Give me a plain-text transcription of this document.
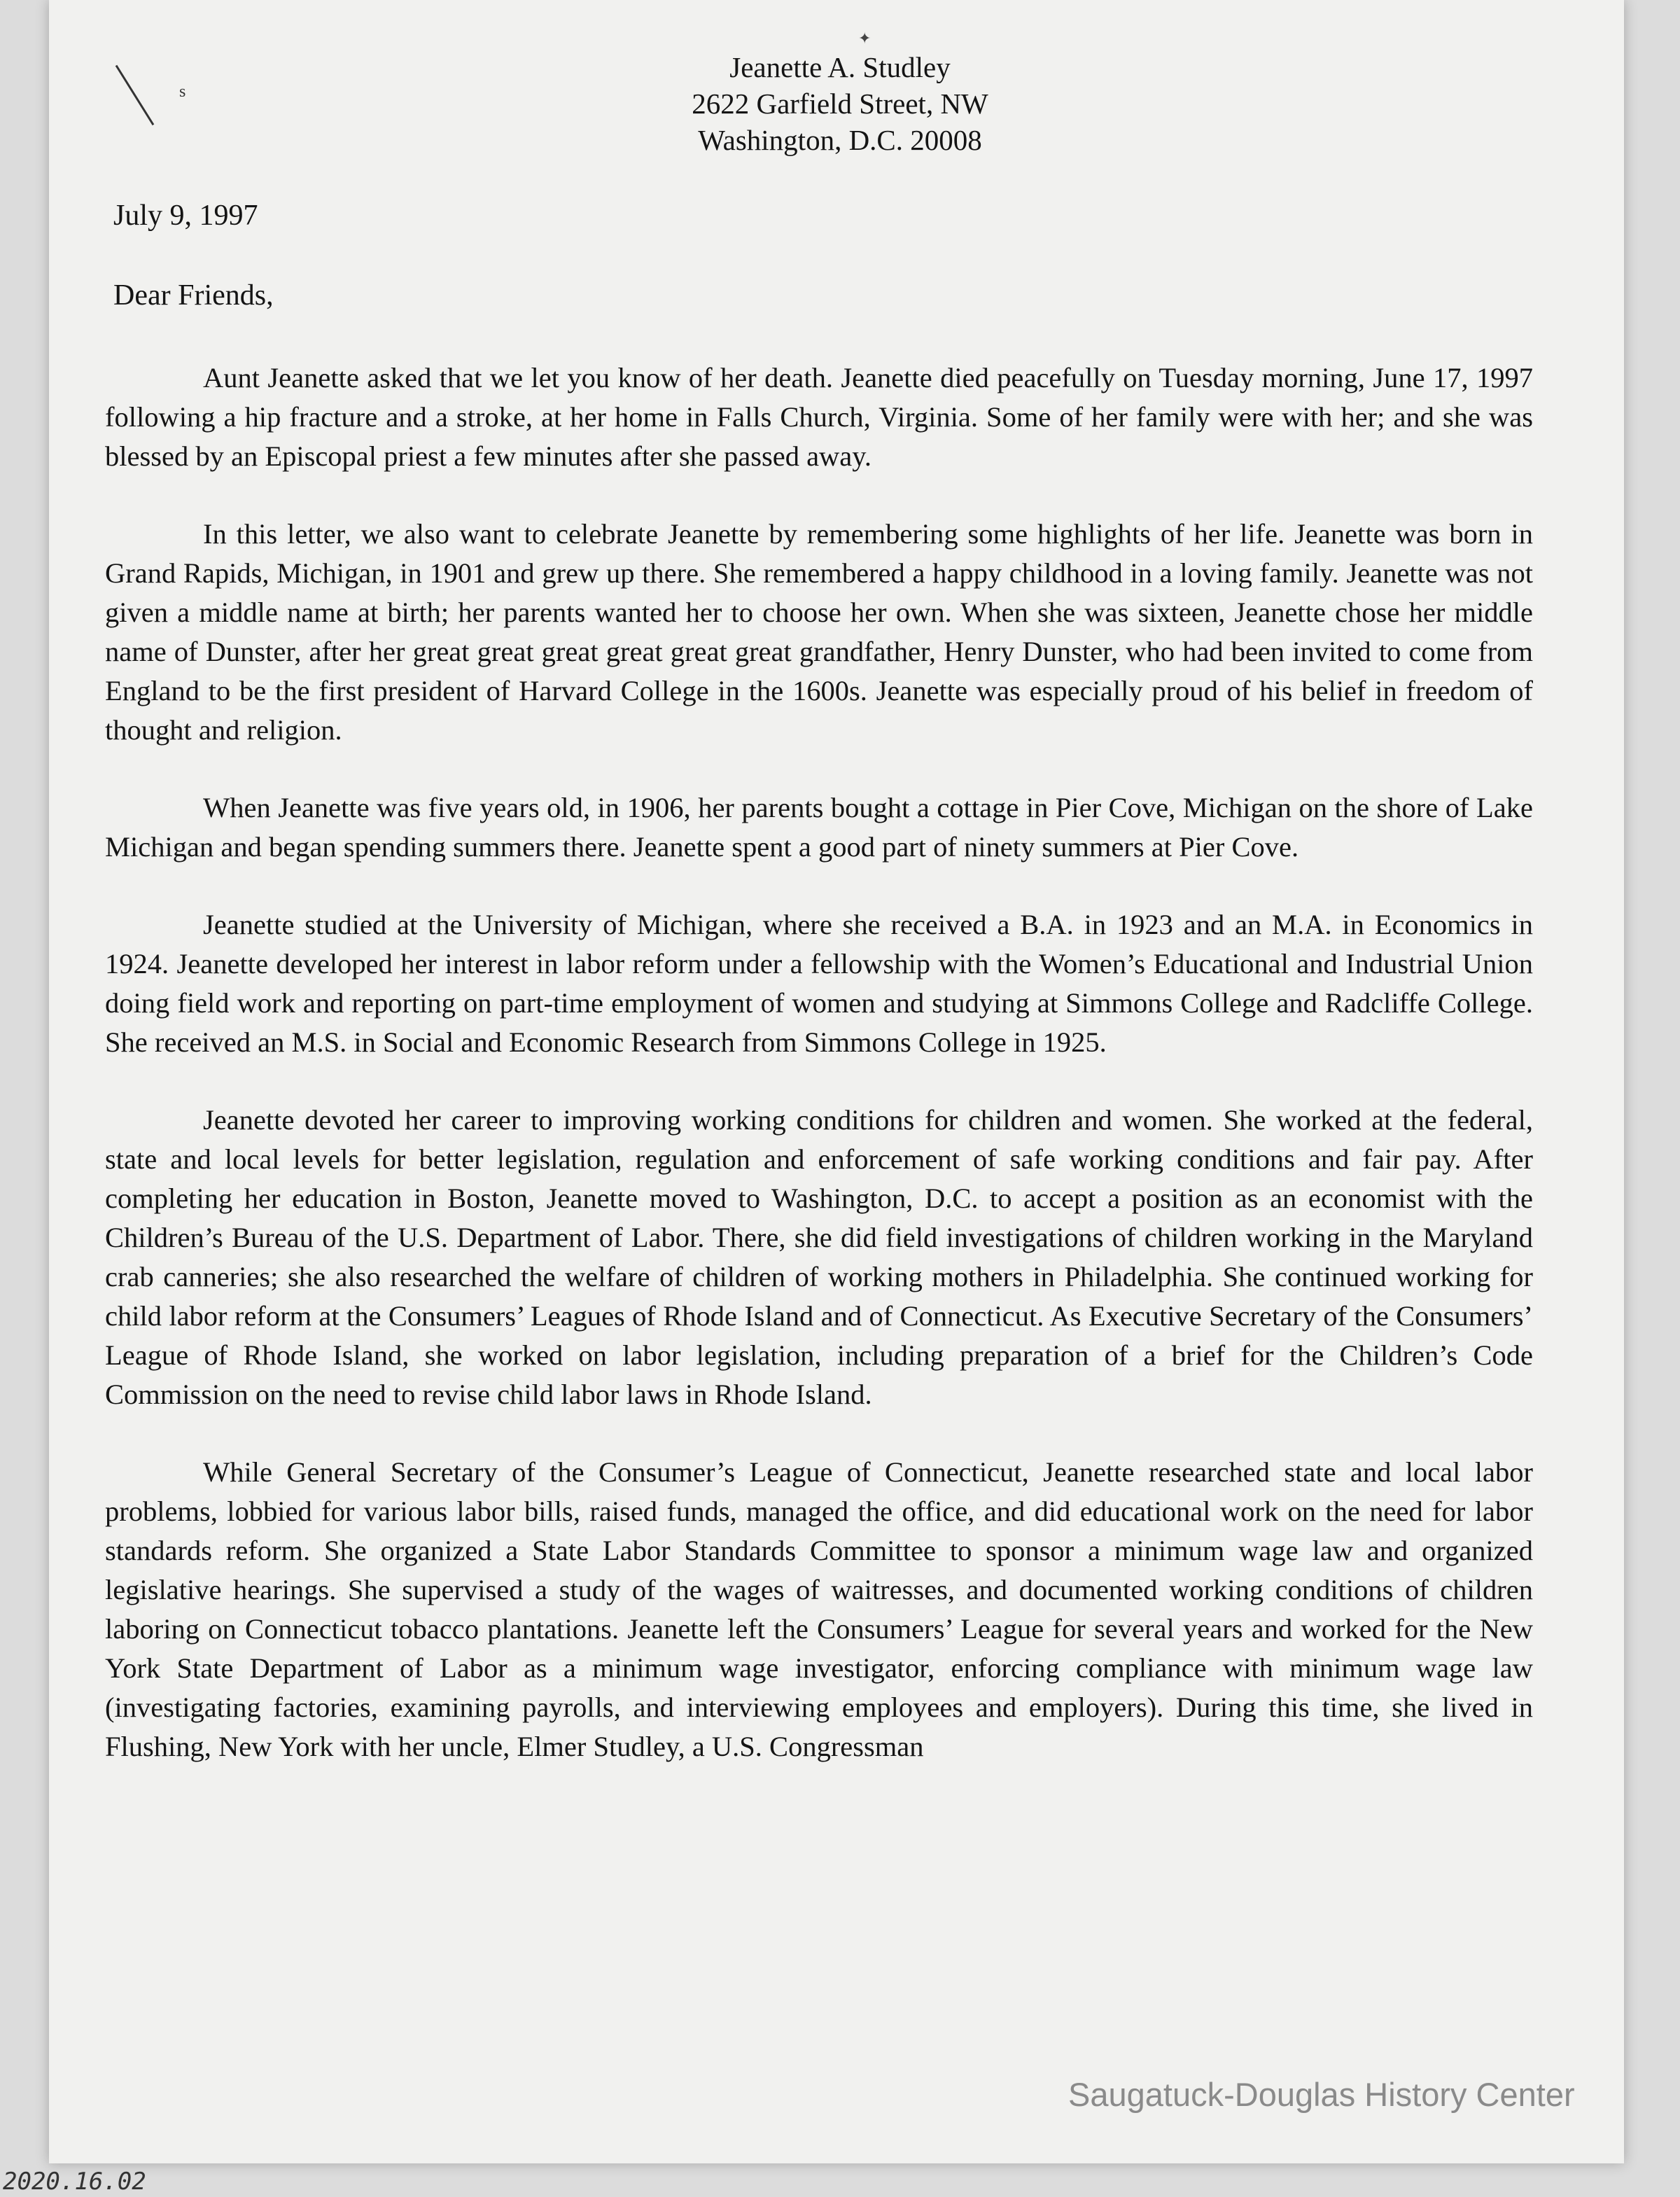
s
✦
Jeanette A. Studley
2622 Garfield Street, NW
Washington, D.C. 20008
July 9, 1997
Dear Friends,

Aunt Jeanette asked that we let you know of her death. Jeanette died peacefully on Tuesday morning, June 17, 1997 following a hip fracture and a stroke, at her home in Falls Church, Virginia. Some of her family were with her; and she was blessed by an Episcopal priest a few minutes after she passed away.

In this letter, we also want to celebrate Jeanette by remembering some highlights of her life. Jeanette was born in Grand Rapids, Michigan, in 1901 and grew up there. She remembered a happy childhood in a loving family. Jeanette was not given a middle name at birth; her parents wanted her to choose her own. When she was sixteen, Jeanette chose her middle name of Dunster, after her great great great great great great grandfather, Henry Dunster, who had been invited to come from England to be the first president of Harvard College in the 1600s. Jeanette was especially proud of his belief in freedom of thought and religion.

When Jeanette was five years old, in 1906, her parents bought a cottage in Pier Cove, Michigan on the shore of Lake Michigan and began spending summers there. Jeanette spent a good part of ninety summers at Pier Cove.

Jeanette studied at the University of Michigan, where she received a B.A. in 1923 and an M.A. in Economics in 1924. Jeanette developed her interest in labor reform under a fellowship with the Women’s Educational and Industrial Union doing field work and reporting on part-time employment of women and studying at Simmons College and Radcliffe College. She received an M.S. in Social and Economic Research from Simmons College in 1925.

Jeanette devoted her career to improving working conditions for children and women. She worked at the federal, state and local levels for better legislation, regulation and enforcement of safe working conditions and fair pay. After completing her education in Boston, Jeanette moved to Washington, D.C. to accept a position as an economist with the Children’s Bureau of the U.S. Department of Labor. There, she did field investigations of children working in the Maryland crab canneries; she also researched the welfare of children of working mothers in Philadelphia. She continued working for child labor reform at the Consumers’ Leagues of Rhode Island and of Connecticut. As Executive Secretary of the Consumers’ League of Rhode Island, she worked on labor legislation, including preparation of a brief for the Children’s Code Commission on the need to revise child labor laws in Rhode Island.

While General Secretary of the Consumer’s League of Connecticut, Jeanette researched state and local labor problems, lobbied for various labor bills, raised funds, managed the office, and did educational work on the need for labor standards reform. She organized a State Labor Standards Committee to sponsor a minimum wage law and organized legislative hearings. She supervised a study of the wages of waitresses, and documented working conditions of children laboring on Connecticut tobacco plantations. Jeanette left the Consumers’ League for several years and worked for the New York State Department of Labor as a minimum wage investigator, enforcing compliance with minimum wage law (investigating factories, examining payrolls, and interviewing employees and employers). During this time, she lived in Flushing, New York with her uncle, Elmer Studley, a U.S. Congressman

Saugatuck-Douglas History Center
2020.16.02
